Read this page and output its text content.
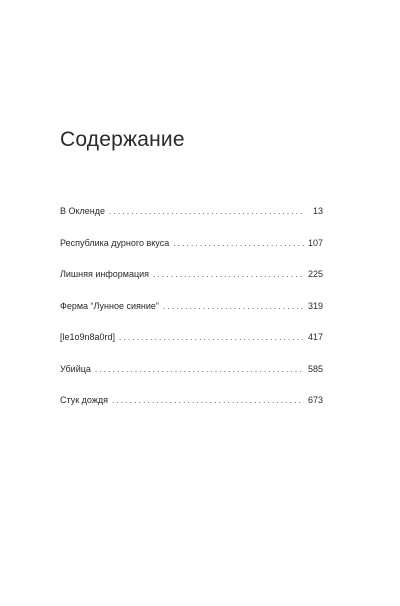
Содержание
В Окленде . . .	13
Республика дурного вкуса . . .	107
Лишняя информация . . .	225
Ферма “Лунное сияние” . . .	319
[le1o9n8a0rd] . . .	417
Убийца . . .	585
Стук дождя . . .	673
